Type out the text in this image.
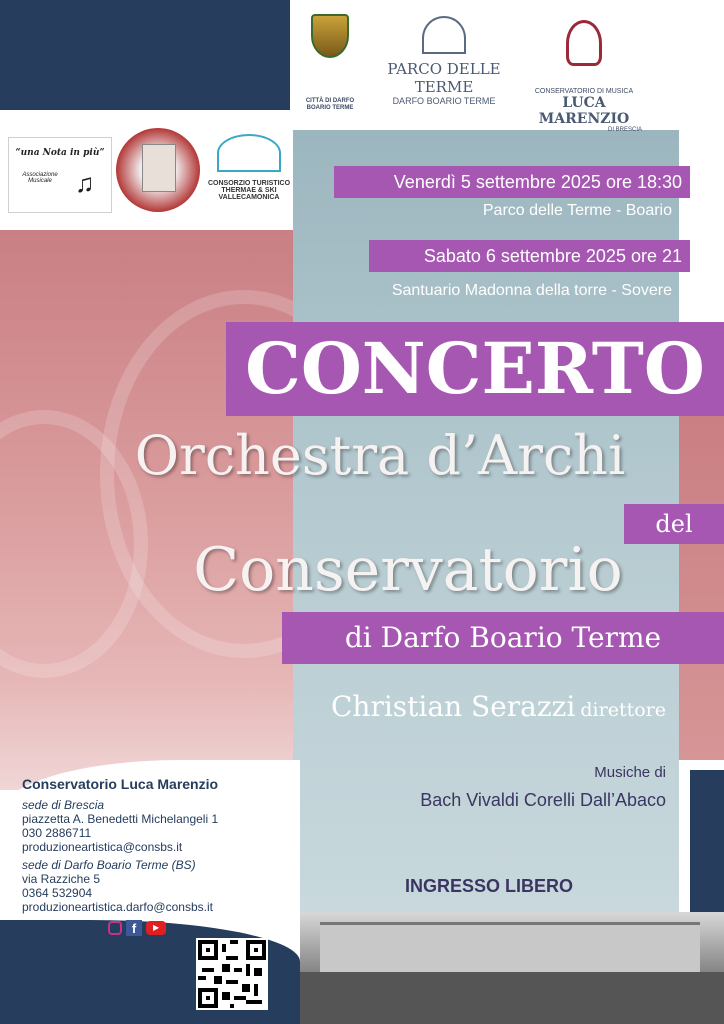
CITTÀ DI DARFO BOARIO TERME
PARCO DELLE TERME
DARFO BOARIO TERME
CONSERVATORIO DI MUSICA
LUCA MARENZIO
DI BRESCIA
“una Nota in più”
Associazione Musicale ♫	CONSORZIO TURISTICO
THERMAE & SKI
VALLECAMONICA
Venerdì 5 settembre 2025 ore 18:30
Parco delle Terme - Boario
Sabato 6 settembre 2025 ore 21
Santuario Madonna della torre - Sovere
CONCERTO
Orchestra d’Archi
del
Conservatorio
di Darfo Boario Terme
Christian Serazzi direttore
Musiche di
Bach Vivaldi Corelli Dall’Abaco
INGRESSO LIBERO
Conservatorio Luca Marenzio
sede di Brescia
piazzetta A. Benedetti Michelangeli 1
030 2886711
produzioneartistica@consbs.it
sede di Darfo Boario Terme (BS)
via Razziche 5
0364 532904
produzioneartistica.darfo@consbs.it
www.consbs.it	f	▶
